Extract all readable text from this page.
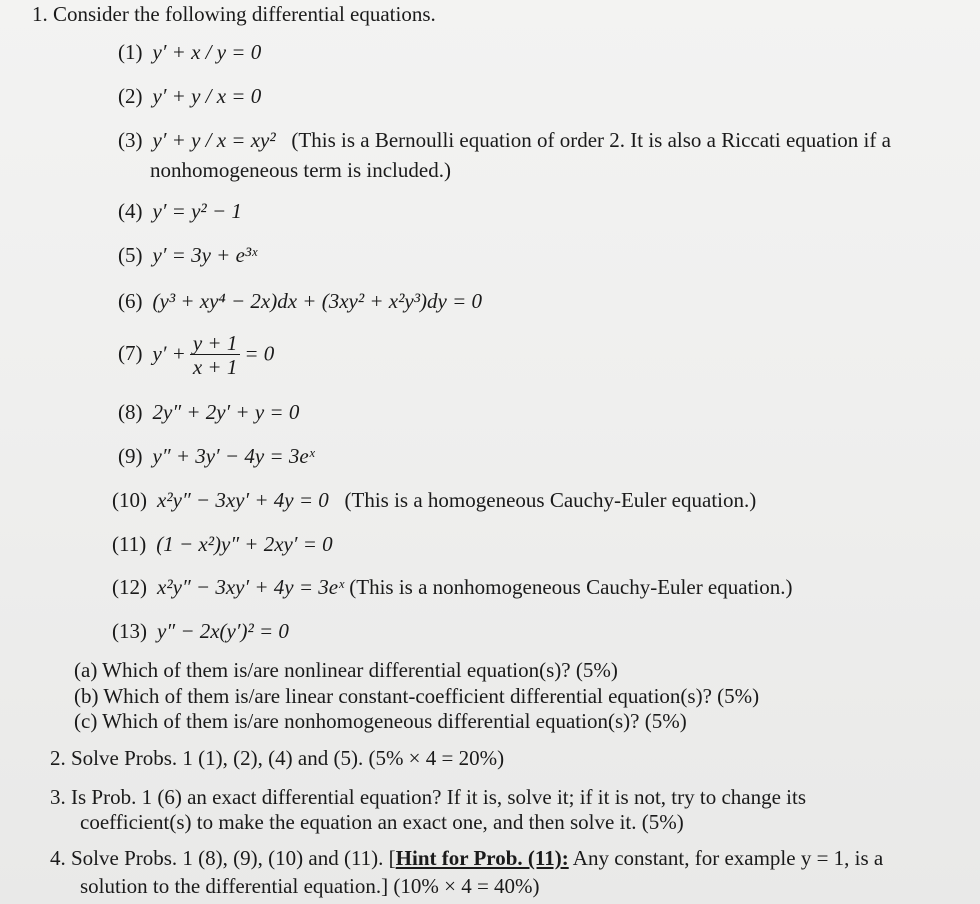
1. Consider the following differential equations.
(1) y′ + x / y = 0
(2) y′ + y / x = 0
(3) y′ + y / x = xy² (This is a Bernoulli equation of order 2. It is also a Riccati equation if a
nonhomogeneous term is included.)
(4) y′ = y² − 1
(5) y′ = 3y + e³ˣ
(6) (y³ + xy⁴ − 2x)dx + (3xy² + x²y³)dy = 0
(7) $y' + \frac{y + 1}{x + 1} = 0$
(8) 2y″ + 2y′ + y = 0
(9) y″ + 3y′ − 4y = 3eˣ
(10) x²y″ − 3xy′ + 4y = 0 (This is a homogeneous Cauchy-Euler equation.)
(11) (1 − x²)y″ + 2xy′ = 0
(12) x²y″ − 3xy′ + 4y = 3eˣ (This is a nonhomogeneous Cauchy-Euler equation.)
(13) y″ − 2x(y′)² = 0
(a) Which of them is/are nonlinear differential equation(s)? (5%)
(b) Which of them is/are linear constant-coefficient differential equation(s)? (5%)
(c) Which of them is/are nonhomogeneous differential equation(s)? (5%)
2. Solve Probs. 1 (1), (2), (4) and (5). (5% × 4 = 20%)
3. Is Prob. 1 (6) an exact differential equation? If it is, solve it; if it is not, try to change its
coefficient(s) to make the equation an exact one, and then solve it. (5%)
4. Solve Probs. 1 (8), (9), (10) and (11). [Hint for Prob. (11): Any constant, for example y = 1, is a
solution to the differential equation.] (10% × 4 = 40%)
